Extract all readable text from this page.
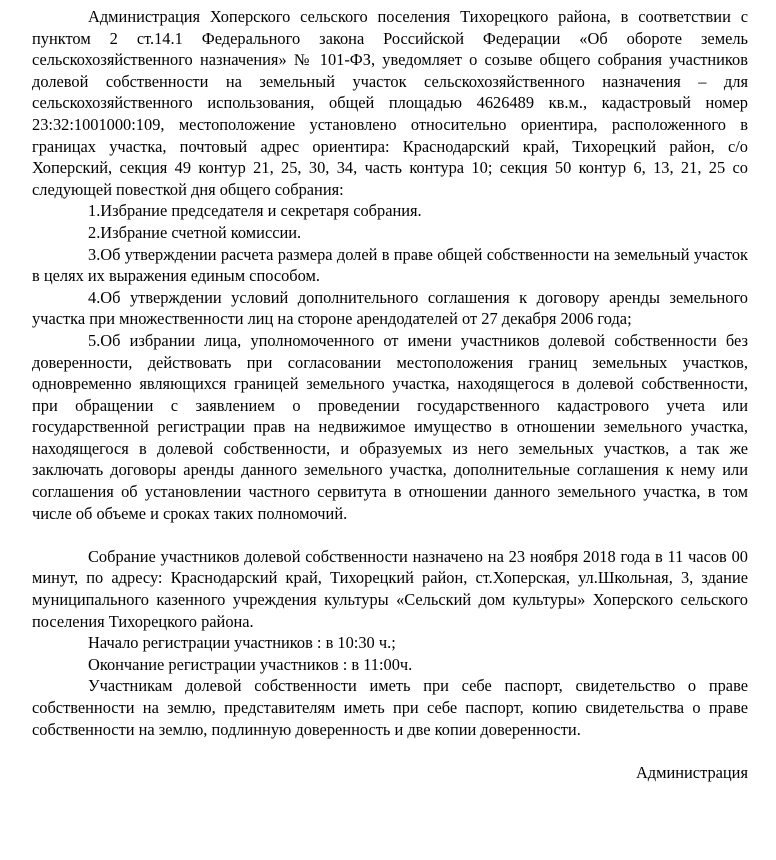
Администрация Хоперского сельского поселения Тихорецкого района, в соответствии с пунктом 2 ст.14.1 Федерального закона Российской Федерации «Об обороте земель сельскохозяйственного назначения» № 101-ФЗ, уведомляет о созыве общего собрания участников долевой собственности на земельный участок сельскохозяйственного назначения – для сельскохозяйственного использования, общей площадью 4626489 кв.м., кадастровый номер 23:32:1001000:109, местоположение установлено относительно ориентира, расположенного в границах участка, почтовый адрес ориентира: Краснодарский край, Тихорецкий район, с/о Хоперский, секция 49 контур 21, 25, 30, 34, часть контура 10; секция 50 контур 6, 13, 21, 25 со следующей повесткой дня общего собрания:

1.Избрание председателя и секретаря собрания.

2.Избрание счетной комиссии.

3.Об утверждении расчета размера долей в праве общей собственности на земельный участок в целях их выражения единым способом.

4.Об утверждении условий дополнительного соглашения к договору аренды земельного участка при множественности лиц на стороне арендодателей от 27 декабря 2006 года;

5.Об избрании лица, уполномоченного от имени участников долевой собственности без доверенности, действовать при согласовании местоположения границ земельных участков, одновременно являющихся границей земельного участка, находящегося в долевой собственности, при обращении с заявлением о проведении государственного кадастрового учета или государственной регистрации прав на недвижимое имущество в отношении земельного участка, находящегося в долевой собственности, и образуемых из него земельных участков, а так же заключать договоры аренды данного земельного участка, дополнительные соглашения к нему или соглашения об установлении частного сервитута в отношении данного земельного участка, в том числе об объеме и сроках таких полномочий.

Собрание участников долевой собственности назначено на 23 ноября 2018 года в 11 часов 00 минут, по адресу: Краснодарский край, Тихорецкий район, ст.Хоперская, ул.Школьная, 3, здание муниципального казенного учреждения культуры «Сельский дом культуры» Хоперского сельского поселения Тихорецкого района.

Начало регистрации участников : в 10:30 ч.;

Окончание регистрации участников : в 11:00ч.

Участникам долевой собственности иметь при себе паспорт, свидетельство о праве собственности на землю, представителям иметь при себе паспорт, копию свидетельства о праве собственности на землю, подлинную доверенность и две копии доверенности.

Администрация
